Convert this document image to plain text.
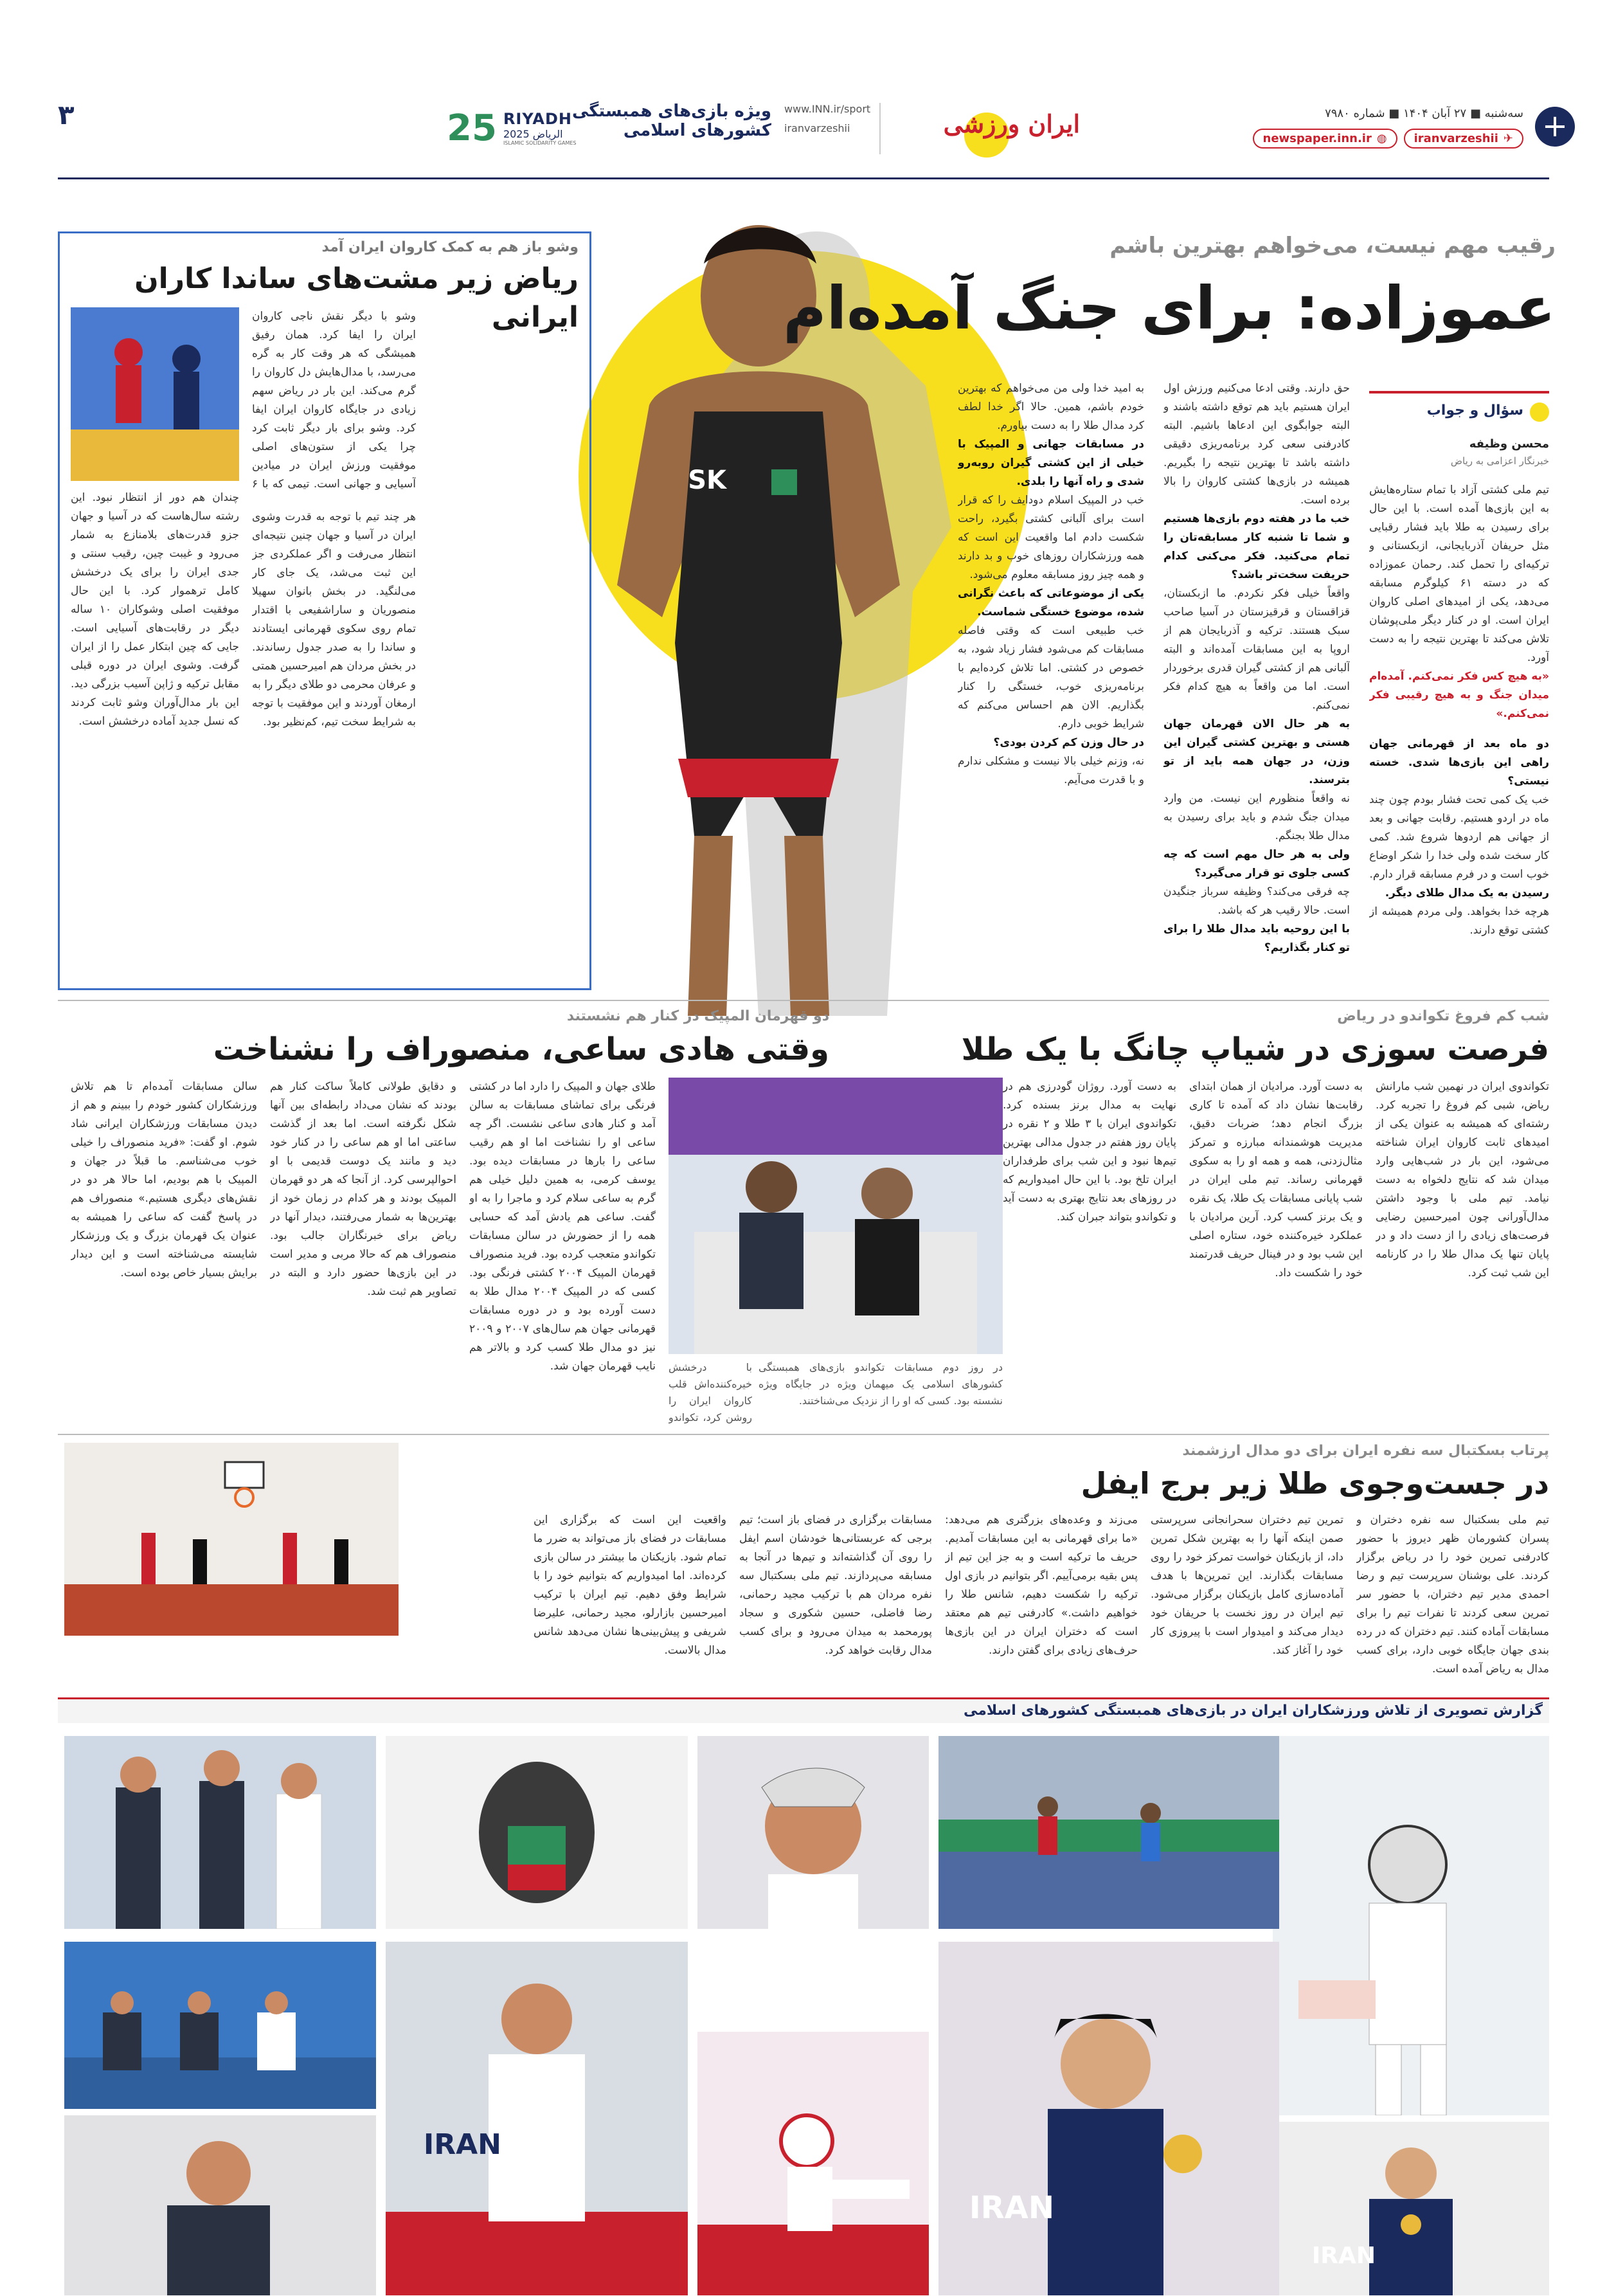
+
سه‌شنبه ■ ۲۷ آبان ۱۴۰۴ ■ شماره ۷۹۸۰
✈
iranvarzeshii
◍
newspaper.inn.ir
ایران ورزشی
www.INN.ir/sport
iranvarzeshii
ویژه بازی‌های همبستگی
کشورهای اسلامی
25 RIYADH
الرياض 2025
ISLAMIC SOLIDARITY GAMES
۳
SK
رقیب مهم نیست، می‌خواهم بهترین باشم
عموزاده: برای جنگ آمده‌ام
سؤال و جواب
محسن وظیفه
خبرنگار اعزامی به ریاض

تیم ملی کشتی آزاد با تمام ستاره‌هایش به این بازی‌ها آمده است. با این حال برای رسیدن به طلا باید فشار رقبایی مثل حریفان آذربایجانی، ازبکستانی و ترکیه‌ای را تحمل کند. رحمان عموزاده که در دسته ۶۱ کیلوگرم مسابقه می‌دهد، یکی از امیدهای اصلی کاروان ایران است. او در کنار دیگر ملی‌پوشان تلاش می‌کند تا بهترین نتیجه را به دست آورد.

«به هیچ کس فکر نمی‌کنم. آمده‌ام میدان جنگ و به هیچ رقیبی فکر نمی‌کنم.»

دو ماه بعد از قهرمانی جهان راهی این بازی‌ها شدی. خسته نیستی؟

خب یک کمی تحت فشار بودم چون چند ماه در اردو هستیم. رقابت جهانی و بعد از جهانی هم اردوها شروع شد. کمی کار سخت شده ولی خدا را شکر اوضاع خوب است و در فرم مسابقه قرار دارم.

رسیدن به یک مدال طلای دیگر.

هرچه خدا بخواهد. ولی مردم همیشه از کشتی توقع دارند.

حق دارند. وقتی ادعا می‌کنیم ورزش اول ایران هستیم باید هم توقع داشته باشند و البته جوابگوی این ادعاها باشیم. البته کادرفنی سعی کرد برنامه‌ریزی دقیقی داشته باشد تا بهترین نتیجه را بگیریم. همیشه در بازی‌ها کشتی کاروان را بالا برده است.

خب ما در هفته دوم بازی‌ها هستیم و شما تا شنبه کار مسابقه‌تان را تمام می‌کنید. فکر می‌کنی کدام حریفت سخت‌تر باشد؟

واقعاً خیلی فکر نکردم. ما ازبکستان، قزاقستان و قرقیزستان در آسیا صاحب سبک هستند. ترکیه و آذربایجان هم از اروپا به این مسابقات آمده‌اند و البته آلبانی هم از کشتی گیران قدری برخوردار است. اما من واقعاً به هیچ کدام فکر نمی‌کنم.

به هر حال الان قهرمان جهان هستی و بهترین کشتی گیران این وزن، در جهان همه باید از تو بترسند.

نه واقعاً منظورم این نیست. من وارد میدان جنگ شدم و باید برای رسیدن به مدال طلا بجنگم.

ولی به هر حال مهم است که چه کسی جلوی تو قرار می‌گیرد؟

چه فرقی می‌کند؟ وظیفه سرباز جنگیدن است. حالا رقیب هر که باشد.

با این روحیه باید مدال طلا را برای تو کنار بگذاریم؟

به امید خدا ولی من می‌خواهم که بهترین خودم باشم، همین. حالا اگر خدا لطف کرد مدال طلا را به دست بیاورم.

در مسابقات جهانی و المپیک با خیلی از این کشتی گیران روبه‌رو شدی و راه آنها را بلدی.

خب در المپیک اسلام دودایف را که قرار است برای آلبانی کشتی بگیرد، راحت شکست دادم اما واقعیت این است که همه ورزشکاران روزهای خوب و بد دارند و همه چیز روز مسابقه معلوم می‌شود.

یکی از موضوعاتی که باعث نگرانی شده، موضوع خستگی شماست.

خب طبیعی است که وقتی فاصله مسابقات کم می‌شود فشار زیاد شود، به خصوص در کشتی. اما تلاش کرده‌ایم با برنامه‌ریزی خوب، خستگی را کنار بگذاریم. الان هم احساس می‌کنم که شرایط خوبی دارم.

در حال وزن کم کردن بودی؟

نه، وزنم خیلی بالا نیست و مشکلی ندارم و با قدرت می‌آیم.

وشو باز هم به کمک کاروان ایران آمد
ریاض زیر مشت‌های ساندا کاران ایرانی
وشو با دیگر نقش ناجی کاروان ایران را ایفا کرد. همان رفیق همیشگی که هر وقت کار به گره می‌رسد، با مدال‌هایش دل کاروان را گرم می‌کند. این بار در ریاض سهم زیادی در جایگاه کاروان ایران ایفا کرد. وشو برای بار دیگر ثابت کرد چرا یکی از ستون‌های اصلی موفقیت ورزش ایران در میادین آسیایی و جهانی است. تیمی که با ۶
هر چند تیم با توجه به قدرت وشوی ایران در آسیا و جهان چنین نتیجه‌ای انتظار می‌رفت و اگر عملکردی جز این ثبت می‌شد، یک جای کار می‌لنگید. در بخش بانوان سهیلا منصوریان و ساراشفیعی با اقتدار تمام روی سکوی قهرمانی ایستادند و ساندا را به صدر جدول رساندند. در بخش مردان هم امیرحسین همتی و عرفان محرمی دو طلای دیگر را به ارمغان آوردند و این موفقیت با توجه به شرایط سخت تیم، کم‌نظیر بود.
چندان هم دور از انتظار نبود. این رشته سال‌هاست که در آسیا و جهان جزو قدرت‌های بلامنازع به شمار می‌رود و غیبت چین، رقیب سنتی و جدی ایران را برای یک درخشش کامل ترهموار کرد. با این حال موفقیت اصلی وشوکاران ۱۰ ساله دیگر در رقابت‌های آسیایی است. جایی که چین ابتکار عمل را از ایران گرفت. وشوی ایران در دوره قبلی مقابل ترکیه و ژاپن آسیب بزرگی دید. این بار مدال‌آوران وشو ثابت کردند که نسل جدید آماده درخشش است.
شب کم فروغ تکواندو در ریاض
فرصت سوزی در شیاپ چانگ با یک طلا
تکواندوی ایران در نهمین شب مارانش ریاض، شبی کم فروغ را تجربه کرد. رشته‌ای که همیشه به عنوان یکی از امیدهای ثابت کاروان ایران شناخته می‌شود، این بار در شب‌هایی وارد میدان شد که نتایج دلخواه به دست نیامد. تیم ملی با وجود داشتن مدال‌آورانی چون امیرحسین رضایی فرصت‌های زیادی را از دست داد و در پایان تنها یک مدال طلا را در کارنامه این شب ثبت کرد.
به دست آورد. مرادیان از همان ابتدای رقابت‌ها نشان داد که آمده تا کاری بزرگ انجام دهد؛ ضربات دقیق، مدیریت هوشمندانه مبارزه و تمرکز مثال‌زدنی، همه و همه او را به سکوی قهرمانی رساند. تیم ملی ایران در شب پایانی مسابقات یک طلا، یک نقره و یک برنز کسب کرد. آرین مرادیان با عملکرد خیره‌کننده خود، ستاره اصلی این شب بود و در فینال حریف قدرتمند خود را شکست داد.
به دست آورد. روژان گودرزی هم در نهایت به مدال برنز بسنده کرد. تکواندوی ایران با ۳ طلا و ۲ نقره در پایان روز هفتم در جدول مدالی بهترین تیم‌ها نبود و این شب برای طرفداران ایران تلخ بود. با این حال امیدواریم که در روزهای بعد نتایج بهتری به دست آید و تکواندو بتواند جبران کند.
دو قهرمان المپیک در کنار هم نشستند
وقتی هادی ساعی، منصوراف را نشناخت
در روز دوم مسابقات تکواندو بازی‌های همبستگی کشورهای اسلامی یک میهمان ویژه در جایگاه ویژه نشسته بود. کسی که او را از نزدیک می‌شناختند.
با درخشش خیره‌کننده‌اش قلب کاروان ایران را روشن کرد، تکواندو
طلای جهان و المپیک را دارد اما در کشتی فرنگی برای تماشای مسابقات به سالن آمد و کنار هادی ساعی نشست. اگر چه ساعی او را نشناخت اما او هم رقیب ساعی را بارها در مسابقات دیده بود. یوسف کرمی، به همین دلیل خیلی هم گرم به ساعی سلام کرد و ماجرا را به او گفت. ساعی هم یادش آمد که حسابی همه را از حضورش در سالن مسابقات تکواندو متعجب کرده بود. فرید منصوراف قهرمان المپیک ۲۰۰۴ کشتی فرنگی بود. کسی که در المپیک ۲۰۰۴ مدال طلا به دست آورده بود و در دوره مسابقات قهرمانی جهان هم سال‌های ۲۰۰۷ و ۲۰۰۹ نیز دو مدال طلا کسب کرد و بالاتر هم نایب قهرمان جهان شد.
و دقایق طولانی کاملاً ساکت کنار هم بودند که نشان می‌داد رابطه‌ای بین آنها شکل نگرفته است. اما بعد از گذشت ساعتی اما او هم ساعی را در کنار خود دید و مانند یک دوست قدیمی با او احوالپرسی کرد. از آنجا که هر دو قهرمان المپیک بودند و هر کدام در زمان خود از بهترین‌ها به شمار می‌رفتند، دیدار آنها در ریاض برای خبرنگاران جالب بود. منصوراف هم که حالا مربی و مدیر است در این بازی‌ها حضور دارد و البته در تصاویر هم ثبت شد.
سالن مسابقات آمده‌ام تا هم تلاش ورزشکاران کشور خودم را ببینم و هم از دیدن مسابقات ورزشکاران ایرانی شاد شوم. او گفت: «فرید منصوراف را خیلی خوب می‌شناسم. ما قبلاً در جهان و المپیک با هم بودیم، اما حالا هر دو در نقش‌های دیگری هستیم.» منصوراف هم در پاسخ گفت که ساعی را همیشه به عنوان یک قهرمان بزرگ و یک ورزشکار شایسته می‌شناخته است و این دیدار برایش بسیار خاص بوده است.
پرتاب بسکتبال سه نفره ایران برای دو مدال ارزشمند
در جست‌وجوی طلا زیر برج ایفل
تیم ملی بسکتبال سه نفره دختران و پسران کشورمان ظهر دیروز با حضور کادرفنی تمرین خود را در ریاض برگزار کردند. علی بوشنان سرپرست تیم و رضا احمدی مدیر تیم دختران، با حضور سر تمرین سعی کردند تا نفرات تیم را برای مسابقات آماده کنند. تیم دختران که در رده بندی جهان جایگاه خوبی دارد، برای کسب مدال به ریاض آمده است.
تمرین تیم دختران سحرانجانی سرپرستی صمن اینکه آنها را به بهترین شکل تمرین داد، از بازیکنان خواست تمرکز خود را روی مسابقات بگذارند. این تمرین‌ها با هدف آماده‌سازی کامل بازیکنان برگزار می‌شود. تیم ایران در روز نخست با حریفان خود دیدار می‌کند و امیدوار است با پیروزی کار خود را آغاز کند.
می‌زند و وعده‌های بزرگتری هم می‌دهد: «ما برای قهرمانی به این مسابقات آمدیم. حریف ما ترکیه است و به جز این تیم از پس بقیه برمی‌آییم. اگر بتوانیم در بازی اول ترکیه را شکست دهیم، شانس طلا را خواهیم داشت.» کادرفنی تیم هم معتقد است که دختران ایران در این بازی‌ها حرف‌های زیادی برای گفتن دارند.
مسابقات برگزاری در فضای باز است؛ تیم برجی که عربستانی‌ها خودشان اسم ایفل را روی آن گذاشته‌اند و تیم‌ها در آنجا به مسابقه می‌پردازند. تیم ملی بسکتبال سه نفره مردان هم با ترکیب مجید رحمانی، رضا فاضلی، حسین شکوری و سجاد پورمحمد به میدان می‌رود و برای کسب مدال رقابت خواهد کرد.
واقعیت این است که برگزاری این مسابقات در فضای باز می‌تواند به ضرر ما تمام شود. بازیکنان ما بیشتر در سالن بازی کرده‌اند. اما امیدواریم که بتوانیم خود را با شرایط وفق دهیم. تیم ایران با ترکیب امیرحسین بازارلو، مجید رحمانی، علیرضا شریفی و پیش‌بینی‌ها نشان می‌دهد شانس مدال بالاست.
گزارش تصویری از تلاش ورزشکاران ایران در بازی‌های همبستگی کشورهای اسلامی
IRAN
IRAN
IRAN
